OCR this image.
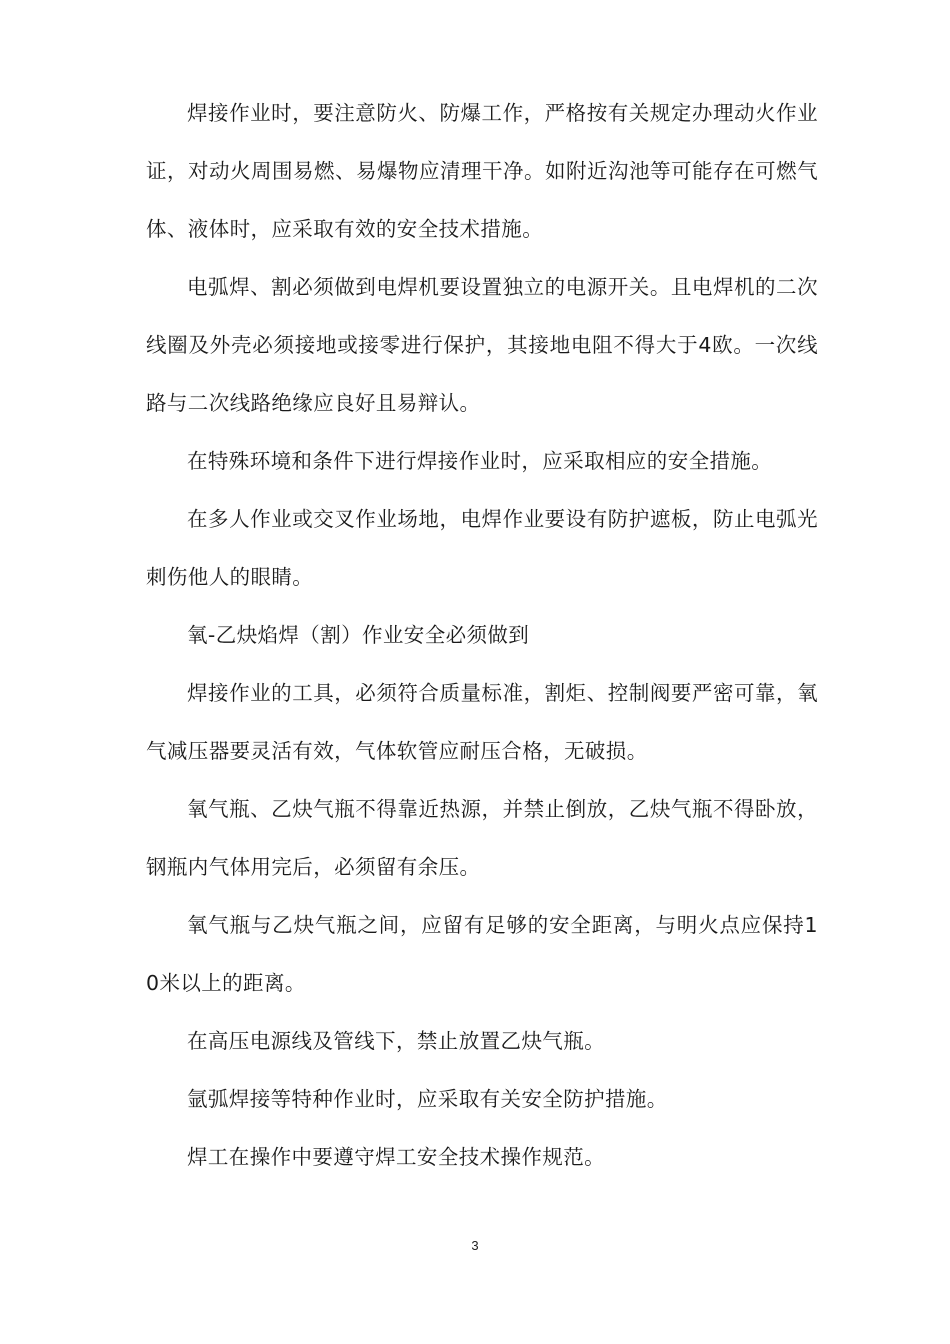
焊接作业时，要注意防火、防爆工作，严格按有关规定办理动火作业证，对动火周围易燃、易爆物应清理干净。如附近沟池等可能存在可燃气体、液体时，应采取有效的安全技术措施。

电弧焊、割必须做到电焊机要设置独立的电源开关。且电焊机的二次线圈及外壳必须接地或接零进行保护，其接地电阻不得大于4欧。一次线路与二次线路绝缘应良好且易辩认。

在特殊环境和条件下进行焊接作业时，应采取相应的安全措施。

在多人作业或交叉作业场地，电焊作业要设有防护遮板，防止电弧光刺伤他人的眼睛。

氧-乙炔焰焊（割）作业安全必须做到

焊接作业的工具，必须符合质量标准，割炬、控制阀要严密可靠，氧气减压器要灵活有效，气体软管应耐压合格，无破损。

氧气瓶、乙炔气瓶不得靠近热源，并禁止倒放，乙炔气瓶不得卧放，钢瓶内气体用完后，必须留有余压。

氧气瓶与乙炔气瓶之间，应留有足够的安全距离，与明火点应保持10米以上的距离。

在高压电源线及管线下，禁止放置乙炔气瓶。

氩弧焊接等特种作业时，应采取有关安全防护措施。

焊工在操作中要遵守焊工安全技术操作规范。

3
